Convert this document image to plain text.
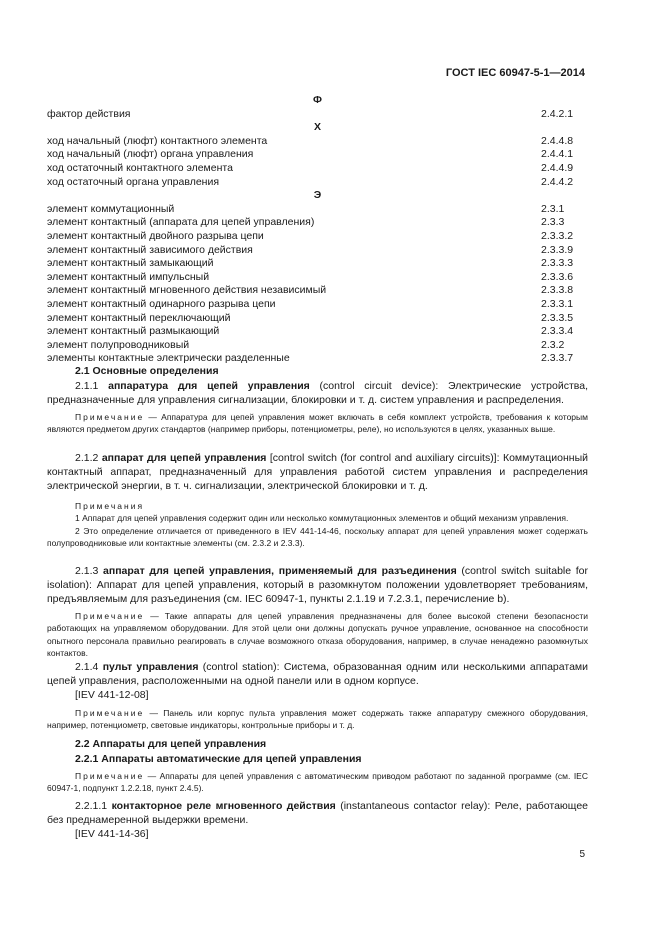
ГОСТ IEC 60947-5-1—2014
Ф
фактор действия	2.4.2.1
Х
ход начальный (люфт) контактного элемента	2.4.4.8
ход начальный (люфт) органа управления	2.4.4.1
ход остаточный контактного элемента	2.4.4.9
ход остаточный органа управления	2.4.4.2
Э
элемент коммутационный	2.3.1
элемент контактный (аппарата для цепей управления)	2.3.3
элемент контактный двойного разрыва цепи	2.3.3.2
элемент контактный зависимого действия	2.3.3.9
элемент контактный замыкающий	2.3.3.3
элемент контактный импульсный	2.3.3.6
элемент контактный мгновенного действия независимый	2.3.3.8
элемент контактный одинарного разрыва цепи	2.3.3.1
элемент контактный переключающий	2.3.3.5
элемент контактный размыкающий	2.3.3.4
элемент полупроводниковый	2.3.2
элементы контактные электрически разделенные	2.3.3.7

2.1 Основные определения

2.1.1 аппаратура для цепей управления (control circuit device): Электрические устройства, предназначенные для управления сигнализации, блокировки и т. д. систем управления и распределения.

Примечание — Аппаратура для цепей управления может включать в себя комплект устройств, требования к которым являются предметом других стандартов (например приборы, потенциометры, реле), но используются в целях, указанных выше.

2.1.2 аппарат для цепей управления [control switch (for control and auxiliary circuits)]: Коммутационный контактный аппарат, предназначенный для управления работой систем управления и распределения электрической энергии, в т. ч. сигнализации, электрической блокировки и т. д.

Примечания

1 Аппарат для цепей управления содержит один или несколько коммутационных элементов и общий механизм управления.

2 Это определение отличается от приведенного в IEV 441-14-46, поскольку аппарат для цепей управления может содержать полупроводниковые или контактные элементы (см. 2.3.2 и 2.3.3).

2.1.3 аппарат для цепей управления, применяемый для разъединения (control switch suitable for isolation): Аппарат для цепей управления, который в разомкнутом положении удовлетворяет требованиям, предъявляемым для разъединения (см. IEC 60947-1, пункты 2.1.19 и 7.2.3.1, перечисление b).

Примечание — Такие аппараты для цепей управления предназначены для более высокой степени безопасности работающих на управляемом оборудовании. Для этой цели они должны допускать ручное управление, основанное на способности опытного персонала правильно реагировать в случае возможного отказа оборудования, например, в случае ненадежно разомкнутых контактов.

2.1.4 пульт управления (control station): Система, образованная одним или несколькими аппаратами цепей управления, расположенными на одной панели или в одном корпусе.

[IEV 441-12-08]

Примечание — Панель или корпус пульта управления может содержать также аппаратуру смежного оборудования, например, потенциометр, световые индикаторы, контрольные приборы и т. д.

2.2 Аппараты для цепей управления

2.2.1 Аппараты автоматические для цепей управления

Примечание — Аппараты для цепей управления с автоматическим приводом работают по заданной программе (см. IEC 60947-1, подпункт 1.2.2.18, пункт 2.4.5).

2.2.1.1 контакторное реле мгновенного действия (instantaneous contactor relay): Реле, работающее без преднамеренной выдержки времени.

[IEV 441-14-36]

5
